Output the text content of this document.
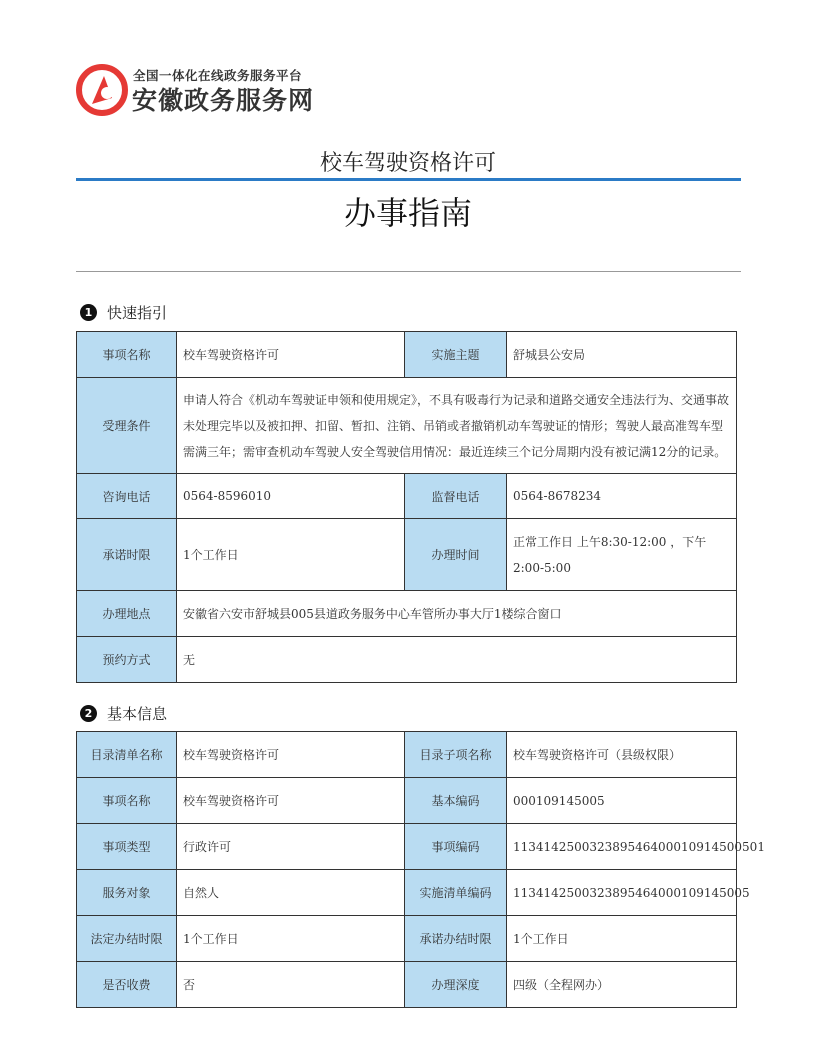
全国一体化在线政务服务平台
安徽政务服务网
校车驾驶资格许可
办事指南
1 快速指引
事项名称	校车驾驶资格许可	实施主题	舒城县公安局
受理条件	申请人符合《机动车驾驶证申领和使用规定》，不具有吸毒行为记录和道路交通安全违法行为、交通事故未处理完毕以及被扣押、扣留、暂扣、注销、吊销或者撤销机动车驾驶证的情形；驾驶人最高准驾车型需满三年；需审查机动车驾驶人安全驾驶信用情况：最近连续三个记分周期内没有被记满12分的记录。		
咨询电话	0564-8596010	监督电话	0564-8678234
承诺时限	1个工作日	办理时间	正常工作日 上午8:30-12:00 ，下午2:00-5:00
办理地点	安徽省六安市舒城县005县道政务服务中心车管所办事大厅1楼综合窗口		
预约方式	无		
2 基本信息
目录清单名称	校车驾驶资格许可	目录子项名称	校车驾驶资格许可（县级权限）
事项名称	校车驾驶资格许可	基本编码	000109145005
事项类型	行政许可	事项编码	113414250032389546400010914500501
服务对象	自然人	实施清单编码	1134142500323895464000109145005
法定办结时限	1个工作日	承诺办结时限	1个工作日
是否收费	否	办理深度	四级（全程网办）
